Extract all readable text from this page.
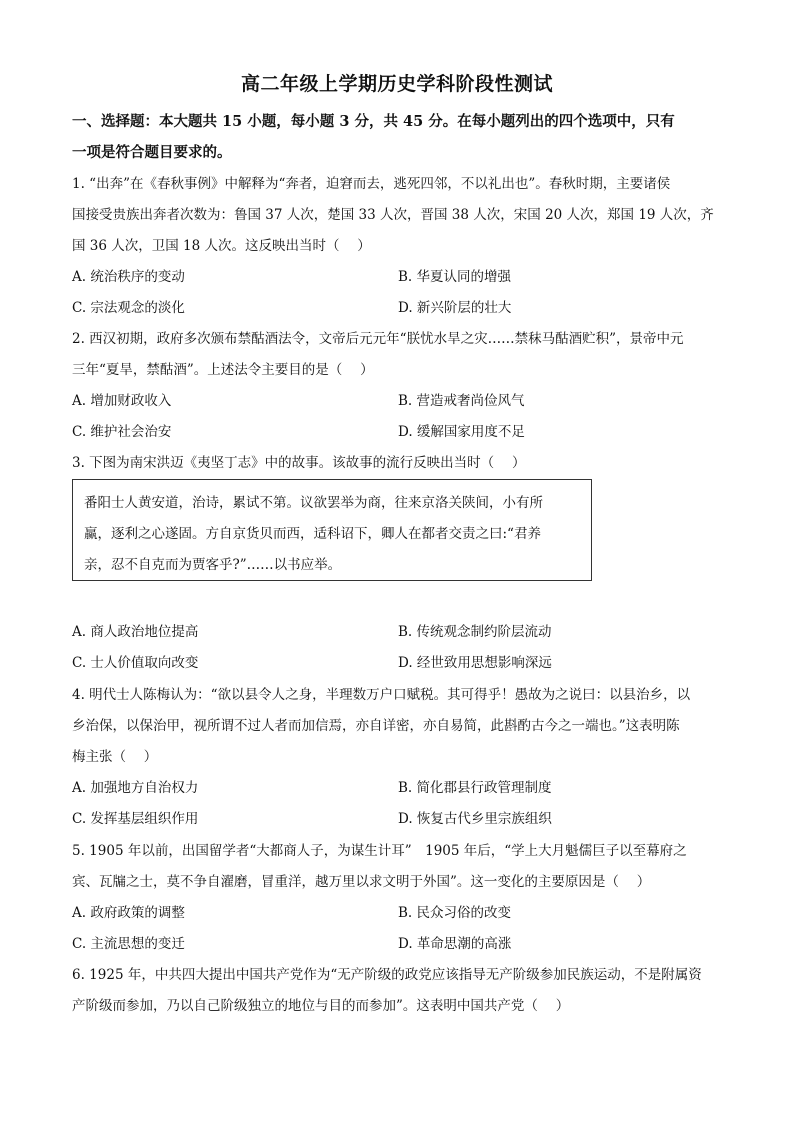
高二年级上学期历史学科阶段性测试
一、选择题：本大题共 15 小题，每小题 3 分，共 45 分。在每小题列出的四个选项中，只有
一项是符合题目要求的。
1. “出奔”在《春秋事例》中解释为“奔者，迫窘而去，逃死四邻，不以礼出也”。春秋时期，主要诸侯
国接受贵族出奔者次数为：鲁国 37 人次，楚国 33 人次，晋国 38 人次，宋国 20 人次，郑国 19 人次，齐
国 36 人次，卫国 18 人次。这反映出当时（　 ）
A. 统治秩序的变动	B. 华夏认同的增强
C. 宗法观念的淡化	D. 新兴阶层的壮大
2. 西汉初期，政府多次颁布禁酤酒法令，文帝后元元年“朕忧水旱之灾……禁秣马酤酒贮积”，景帝中元
三年“夏旱，禁酤酒”。上述法令主要目的是（　 ）
A. 增加财政收入	B. 营造戒奢尚俭风气
C. 维护社会治安	D. 缓解国家用度不足
3. 下图为南宋洪迈《夷坚丁志》中的故事。该故事的流行反映出当时（　 ）
番阳士人黄安道，治诗，累试不第。议欲罢举为商，往来京洛关陕间，小有所
赢，逐利之心遂固。方自京货贝而西，适科诏下，卿人在都者交责之曰:“君养
亲，忍不自克而为贾客乎?”……以书应举。
A. 商人政治地位提高	B. 传统观念制约阶层流动
C. 士人价值取向改变	D. 经世致用思想影响深远
4. 明代士人陈梅认为：“欲以县令人之身，半理数万户口赋税。其可得乎！愚故为之说曰：以县治乡，以
乡治保，以保治甲，视所谓不过人者而加信焉，亦自详密，亦自易简，此斟酌古今之一端也。”这表明陈
梅主张（　 ）
A. 加强地方自治权力	B. 简化郡县行政管理制度
C. 发挥基层组织作用	D. 恢复古代乡里宗族组织
5. 1905 年以前，出国留学者“大都商人子，为谋生计耳”　1905 年后，“学上大月魁儒巨子以至幕府之
宾、瓦牖之士，莫不争自濯磨，冒重洋，越万里以求文明于外国”。这一变化的主要原因是（　 ）
A. 政府政策的调整	B. 民众习俗的改变
C. 主流思想的变迁	D. 革命思潮的高涨
6. 1925 年，中共四大提出中国共产党作为“无产阶级的政党应该指导无产阶级参加民族运动，不是附属资
产阶级而参加，乃以自己阶级独立的地位与目的而参加”。这表明中国共产党（　 ）
